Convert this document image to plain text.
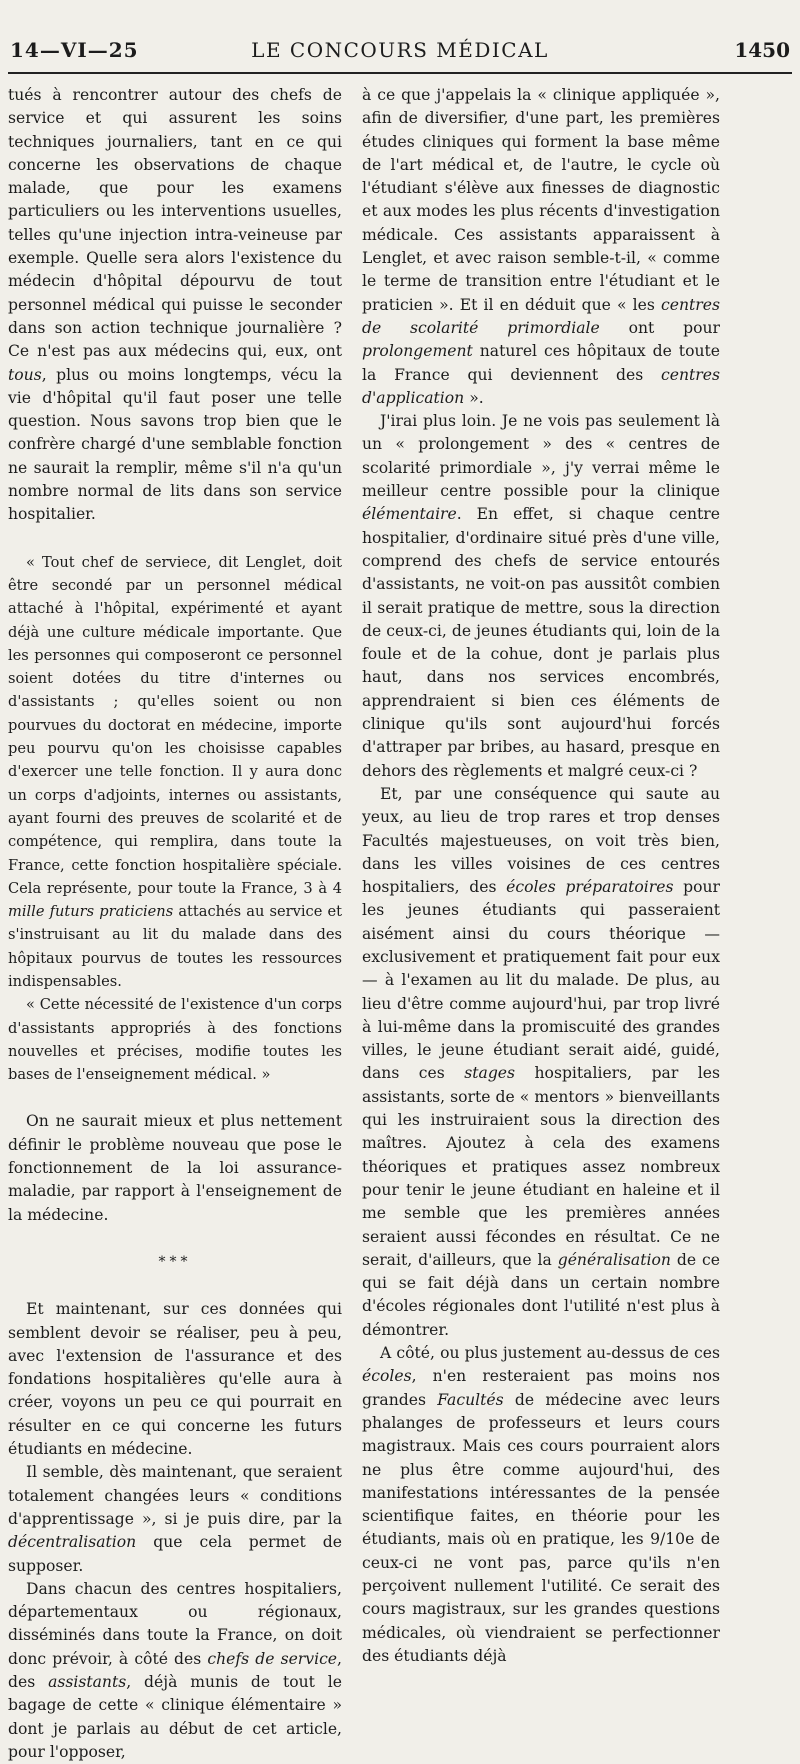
14—VI—25	LE CONCOURS MÉDICAL	1450

tués à rencontrer autour des chefs de service et qui assurent les soins techniques journaliers, tant en ce qui concerne les observations de chaque malade, que pour les examens particuliers ou les interventions usuelles, telles qu'une injection intra-veineuse par exemple. Quelle sera alors l'existence du médecin d'hôpital dépourvu de tout personnel médical qui puisse le seconder dans son action technique journalière ? Ce n'est pas aux médecins qui, eux, ont tous, plus ou moins longtemps, vécu la vie d'hôpital qu'il faut poser une telle question. Nous savons trop bien que le confrère chargé d'une semblable fonction ne saurait la remplir, même s'il n'a qu'un nombre normal de lits dans son service hospitalier.

« Tout chef de serviece, dit Lenglet, doit être secondé par un personnel médical attaché à l'hôpital, expérimenté et ayant déjà une culture médicale importante. Que les personnes qui composeront ce personnel soient dotées du titre d'internes ou d'assistants ; qu'elles soient ou non pourvues du doctorat en médecine, importe peu pourvu qu'on les choisisse capables d'exercer une telle fonction. Il y aura donc un corps d'adjoints, internes ou assistants, ayant fourni des preuves de scolarité et de compétence, qui remplira, dans toute la France, cette fonction hospitalière spéciale. Cela représente, pour toute la France, 3 à 4 mille futurs praticiens attachés au service et s'instruisant au lit du malade dans des hôpitaux pourvus de toutes les ressources indispensables.

« Cette nécessité de l'existence d'un corps d'assistants appropriés à des fonctions nouvelles et précises, modifie toutes les bases de l'enseignement médical. »

On ne saurait mieux et plus nettement définir le problème nouveau que pose le fonctionnement de la loi assurance-maladie, par rapport à l'enseignement de la médecine.

***

Et maintenant, sur ces données qui semblent devoir se réaliser, peu à peu, avec l'extension de l'assurance et des fondations hospitalières qu'elle aura à créer, voyons un peu ce qui pourrait en résulter en ce qui concerne les futurs étudiants en médecine.

Il semble, dès maintenant, que seraient totalement changées leurs « conditions d'apprentissage », si je puis dire, par la décentralisation que cela permet de supposer.

Dans chacun des centres hospitaliers, départementaux ou régionaux, disséminés dans toute la France, on doit donc prévoir, à côté des chefs de service, des assistants, déjà munis de tout le bagage de cette « clinique élémentaire » dont je parlais au début de cet article, pour l'opposer,

à ce que j'appelais la « clinique appliquée », afin de diversifier, d'une part, les premières études cliniques qui forment la base même de l'art médical et, de l'autre, le cycle où l'étudiant s'élève aux finesses de diagnostic et aux modes les plus récents d'investigation médicale. Ces assistants apparaissent à Lenglet, et avec raison semble-t-il, « comme le terme de transition entre l'étudiant et le praticien ». Et il en déduit que « les centres de scolarité primordiale ont pour prolongement naturel ces hôpitaux de toute la France qui deviennent des centres d'application ».

J'irai plus loin. Je ne vois pas seulement là un « prolongement » des « centres de scolarité primordiale », j'y verrai même le meilleur centre possible pour la clinique élémentaire. En effet, si chaque centre hospitalier, d'ordinaire situé près d'une ville, comprend des chefs de service entourés d'assistants, ne voit-on pas aussitôt combien il serait pratique de mettre, sous la direction de ceux-ci, de jeunes étudiants qui, loin de la foule et de la cohue, dont je parlais plus haut, dans nos services encombrés, apprendraient si bien ces éléments de clinique qu'ils sont aujourd'hui forcés d'attraper par bribes, au hasard, presque en dehors des règlements et malgré ceux-ci ?

Et, par une conséquence qui saute au yeux, au lieu de trop rares et trop denses Facultés majestueuses, on voit très bien, dans les villes voisines de ces centres hospitaliers, des écoles préparatoires pour les jeunes étudiants qui passeraient aisément ainsi du cours théorique — exclusivement et pratiquement fait pour eux — à l'examen au lit du malade. De plus, au lieu d'être comme aujourd'hui, par trop livré à lui-même dans la promiscuité des grandes villes, le jeune étudiant serait aidé, guidé, dans ces stages hospitaliers, par les assistants, sorte de « mentors » bienveillants qui les instruiraient sous la direction des maîtres. Ajoutez à cela des examens théoriques et pratiques assez nombreux pour tenir le jeune étudiant en haleine et il me semble que les premières années seraient aussi fécondes en résultat. Ce ne serait, d'ailleurs, que la généralisation de ce qui se fait déjà dans un certain nombre d'écoles régionales dont l'utilité n'est plus à démontrer.

A côté, ou plus justement au-dessus de ces écoles, n'en resteraient pas moins nos grandes Facultés de médecine avec leurs phalanges de professeurs et leurs cours magistraux. Mais ces cours pourraient alors ne plus être comme aujourd'hui, des manifestations intéressantes de la pensée scientifique faites, en théorie pour les étudiants, mais où en pratique, les 9/10e de ceux-ci ne vont pas, parce qu'ils n'en perçoivent nullement l'utilité. Ce serait des cours magistraux, sur les grandes questions médicales, où viendraient se perfectionner des étudiants déjà
